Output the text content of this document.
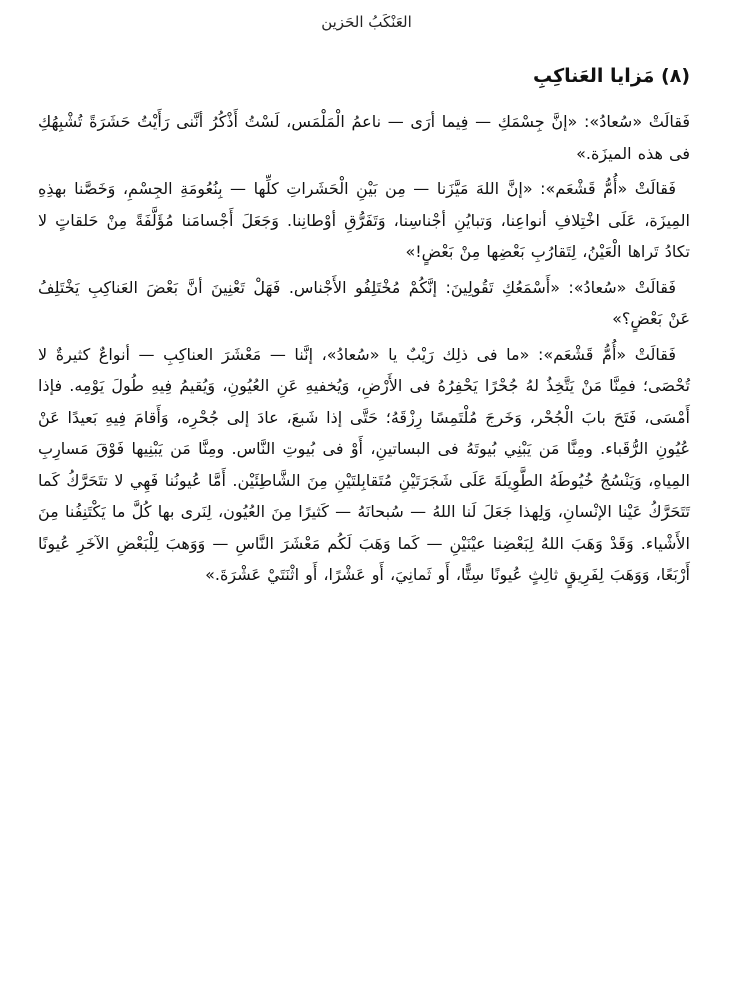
العَنْكَبُ الحَزين
(٨) مَزايا العَناكِبِ

فَقالَتْ «سُعادُ»: «إنَّ جِسْمَكِ — فِيما أرَى — ناعمُ الْمَلْمَس، لَسْتُ أَذْكُرُ أنَّنى رَأَيْتُ حَشَرَةً تُشْبِهُكِ فى هذه الميزَة.»

فَقالَتْ «أُمُّ قَشْعَم»: «إنَّ اللهَ مَيَّزَنا — مِن بَيْنِ الْحَشَراتِ كلِّها — بِنُعُومَةِ الجِسْمِ، وَخَصَّنا بهذِهِ المِيزَة، عَلَى اخْتِلافِ أنواعِنا، وَتبايُنِ أجْناسِنا، وَتَفَرُّقِ أوْطانِنا. وَجَعَلَ أَجْسامَنا مُؤَلَّفَةً مِنْ حَلقاتٍ لا تكادُ تَراها الْعَيْنُ، لِتَقارُبِ بَعْضِها مِنْ بَعْضٍ!»

فَقالَتْ «سُعادُ»: «أَسْمَعُكِ تَقُولِينَ: إنَّكُمْ مُخْتَلِفُو الأَجْناس. فَهَلْ تَعْنِينَ أنَّ بَعْضَ العَناكِبِ يَخْتَلِفُ عَنْ بَعْضٍ؟»

فَقالَتْ «أُمُّ قَشْعَم»: «ما فى ذلِك رَيْبٌ يا «سُعادُ»، إنَّنا — مَعْشَرَ العناكِبِ — أنواعٌ كثيرةٌ لا تُحْصَى؛ فمِنَّا مَنْ يَتَّخِذُ لهُ جُحْرًا يَحْفِرُهُ فى الأَرْضِ، وَيُخفيهِ عَنِ العُيُونِ، وَيُقيمُ فِيهِ طُولَ يَوْمِه. فإذا أَمْسَى، فَتَحَ بابَ الْجُحْر، وَخَرجَ مُلْتَمِسًا رِزْقَهُ؛ حَتَّى إذا شَبعَ، عادَ إلى جُحْرِه، وَأَقامَ فِيهِ بَعيدًا عَنْ عُيُونِ الرُّقَباء. ومِنَّا مَن يَبْنِي بُيوتَهُ فى البساتينِ، أَوْ فى بُيوتِ النَّاس. ومِنَّا مَن يَبْنِيها فَوْقَ مَسارِبِ المِياهِ، وَيَنْسُجُ خُيُوطَهُ الطَّوِيلَةَ عَلَى شَجَرَتَيْنِ مُتَقابِلتَيْنِ مِنَ الشَّاطِئَيْن. أَمَّا عُيونُنا فَهِي لا تتَحَرَّكُ كَما تَتَحَرَّكُ عَيْنا الإنْسانِ، وَلِهذا جَعَلَ لَنا اللهُ — سُبحانَهُ — كَثيرًا مِنَ العُيُون، لِنَرى بها كُلَّ ما يَكْتَنِفُنا مِنَ الأَشْياء. وَقَدْ وَهَبَ اللهُ لِبَعْضِنا عيْنَيْنِ — كَما وَهَبَ لَكُم مَعْشَرَ النَّاسِ — وَوَهبَ لِلْبَعْضِ الآخَرِ عُيونًا أَرْبَعًا، وَوَهَبَ لِفَرِيقٍ ثالِثٍ عُيونًا سِتًّا، أَو ثَمانِيَ، أَو عَشْرًا، أَو اثْنَتَيْ عَشْرَةَ.»
